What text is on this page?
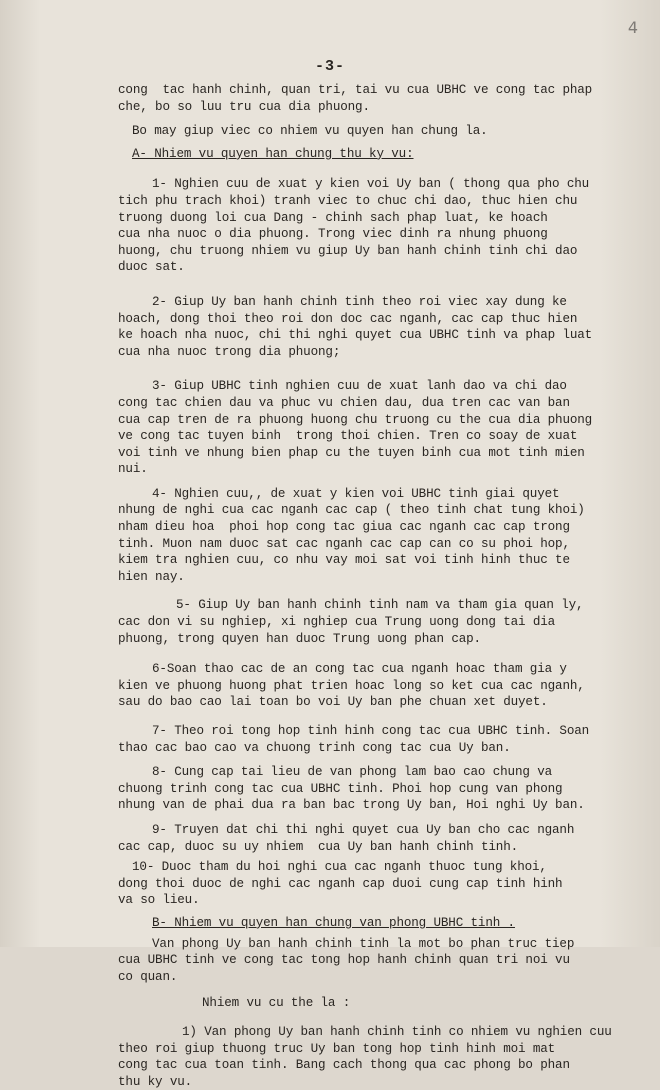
4
-3-

cong  tac hanh chinh, quan tri, tai vu cua UBHC ve cong tac phap

che, bo so luu tru cua dia phuong.

Bo may giup viec co nhiem vu quyen han chung la.

A- Nhiem vu quyen han chung thu ky vu:

1- Nghien cuu de xuat y kien voi Uy ban ( thong qua pho chu

tich phu trach khoi) tranh viec to chuc chi dao, thuc hien chu

truong duong loi cua Dang - chinh sach phap luat, ke hoach

cua nha nuoc o dia phuong. Trong viec dinh ra nhung phuong

huong, chu truong nhiem vu giup Uy ban hanh chinh tinh chi dao

duoc sat.

2- Giup Uy ban hanh chinh tinh theo roi viec xay dung ke

hoach, dong thoi theo roi don doc cac nganh, cac cap thuc hien

ke hoach nha nuoc, chi thi nghi quyet cua UBHC tinh va phap luat

cua nha nuoc trong dia phuong;

3- Giup UBHC tinh nghien cuu de xuat lanh dao va chi dao

cong tac chien dau va phuc vu chien dau, dua tren cac van ban

cua cap tren de ra phuong huong chu truong cu the cua dia phuong

ve cong tac tuyen binh  trong thoi chien. Tren co soay de xuat

voi tinh ve nhung bien phap cu the tuyen binh cua mot tinh mien

nui.

4- Nghien cuu,, de xuat y kien voi UBHC tinh giai quyet

nhung de nghi cua cac nganh cac cap ( theo tinh chat tung khoi)

nham dieu hoa  phoi hop cong tac giua cac nganh cac cap trong

tinh. Muon nam duoc sat cac nganh cac cap can co su phoi hop,

kiem tra nghien cuu, co nhu vay moi sat voi tinh hinh thuc te

hien nay.

5- Giup Uy ban hanh chinh tinh nam va tham gia quan ly,

cac don vi su nghiep, xi nghiep cua Trung uong dong tai dia

phuong, trong quyen han duoc Trung uong phan cap.

6-Soan thao cac de an cong tac cua nganh hoac tham gia y

kien ve phuong huong phat trien hoac long so ket cua cac nganh,

sau do bao cao lai toan bo voi Uy ban phe chuan xet duyet.

7- Theo roi tong hop tinh hinh cong tac cua UBHC tinh. Soan

thao cac bao cao va chuong trinh cong tac cua Uy ban.

8- Cung cap tai lieu de van phong lam bao cao chung va

chuong trinh cong tac cua UBHC tinh. Phoi hop cung van phong

nhung van de phai dua ra ban bac trong Uy ban, Hoi nghi Uy ban.

9- Truyen dat chi thi nghi quyet cua Uy ban cho cac nganh

cac cap, duoc su uy nhiem  cua Uy ban hanh chinh tinh.

10- Duoc tham du hoi nghi cua cac nganh thuoc tung khoi,

dong thoi duoc de nghi cac nganh cap duoi cung cap tinh hinh

va so lieu.

B- Nhiem vu quyen han chung van phong UBHC tinh .

Van phong Uy ban hanh chinh tinh la mot bo phan truc tiep

cua UBHC tinh ve cong tac tong hop hanh chinh quan tri noi vu

co quan.

Nhiem vu cu the la :

1) Van phong Uy ban hanh chinh tinh co nhiem vu nghien cuu

theo roi giup thuong truc Uy ban tong hop tinh hinh moi mat

cong tac cua toan tinh. Bang cach thong qua cac phong bo phan

thu ky vu.
